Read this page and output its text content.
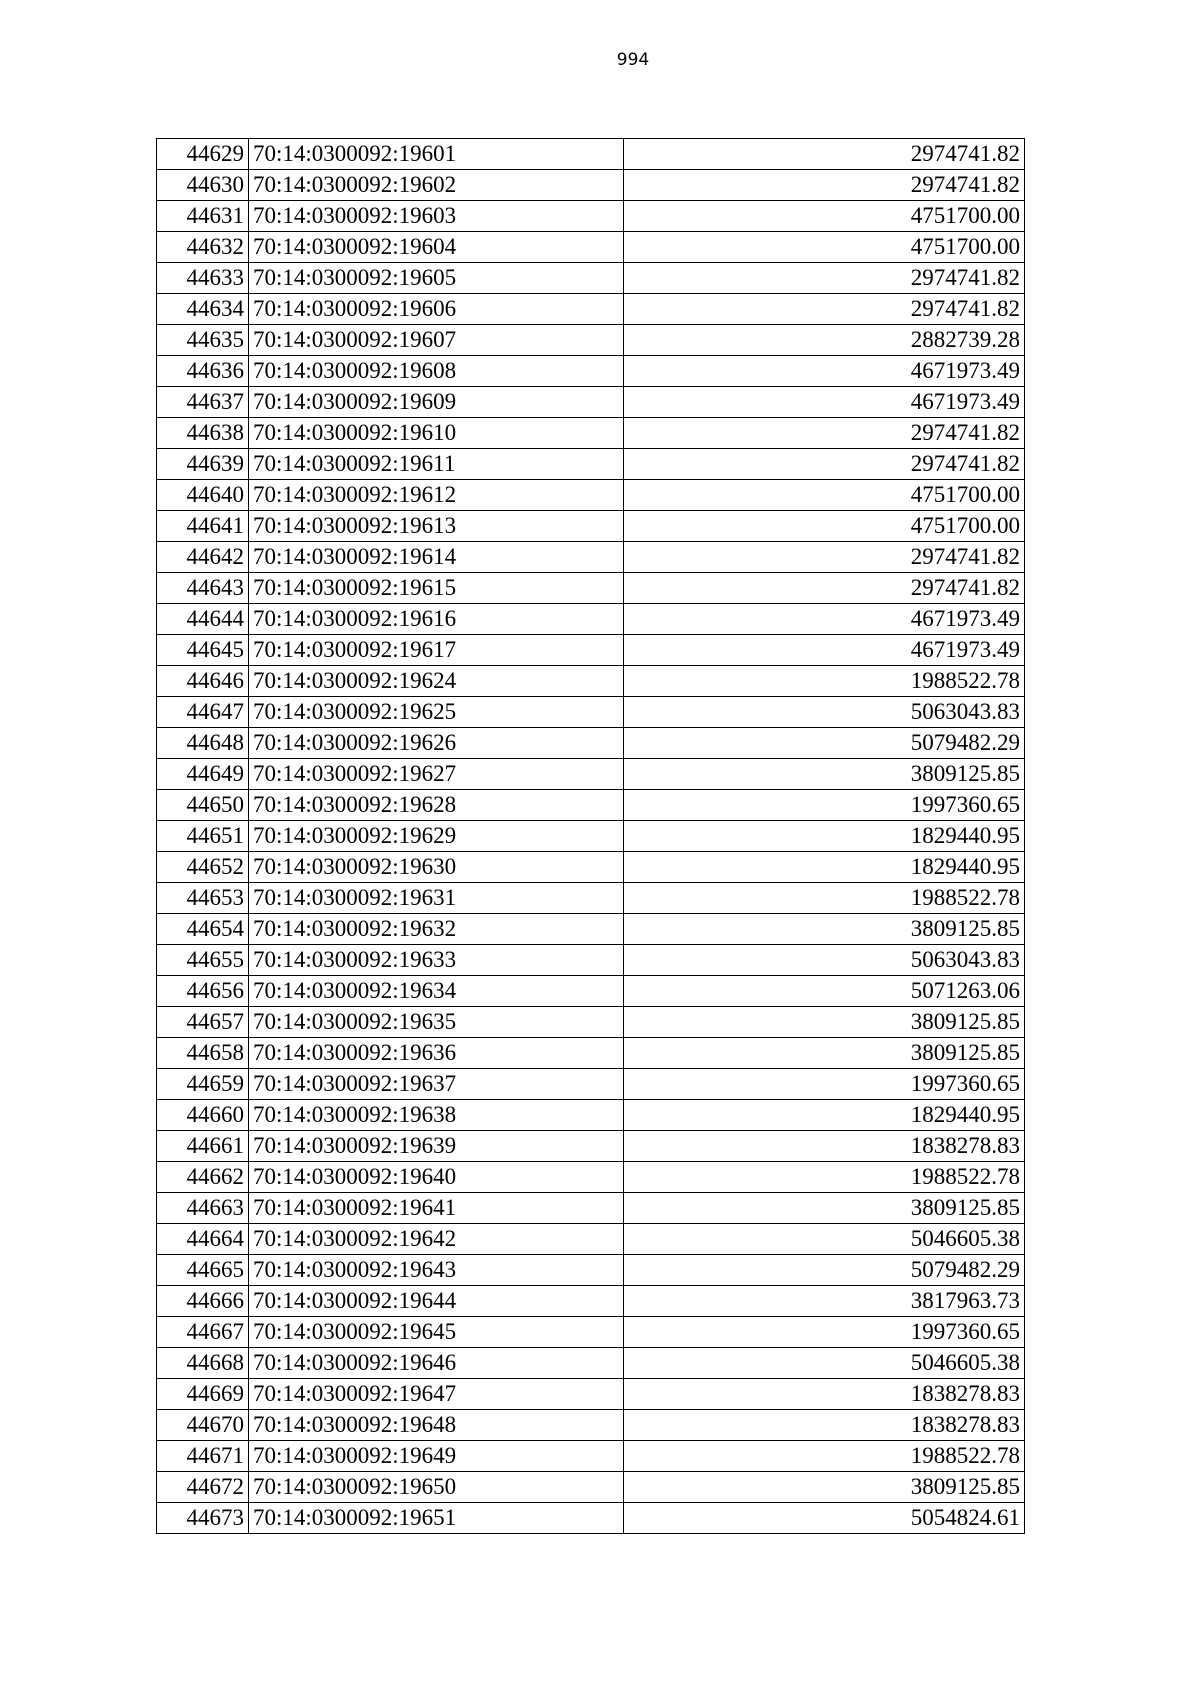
994
44629	70:14:0300092:19601	2974741.82
44630	70:14:0300092:19602	2974741.82
44631	70:14:0300092:19603	4751700.00
44632	70:14:0300092:19604	4751700.00
44633	70:14:0300092:19605	2974741.82
44634	70:14:0300092:19606	2974741.82
44635	70:14:0300092:19607	2882739.28
44636	70:14:0300092:19608	4671973.49
44637	70:14:0300092:19609	4671973.49
44638	70:14:0300092:19610	2974741.82
44639	70:14:0300092:19611	2974741.82
44640	70:14:0300092:19612	4751700.00
44641	70:14:0300092:19613	4751700.00
44642	70:14:0300092:19614	2974741.82
44643	70:14:0300092:19615	2974741.82
44644	70:14:0300092:19616	4671973.49
44645	70:14:0300092:19617	4671973.49
44646	70:14:0300092:19624	1988522.78
44647	70:14:0300092:19625	5063043.83
44648	70:14:0300092:19626	5079482.29
44649	70:14:0300092:19627	3809125.85
44650	70:14:0300092:19628	1997360.65
44651	70:14:0300092:19629	1829440.95
44652	70:14:0300092:19630	1829440.95
44653	70:14:0300092:19631	1988522.78
44654	70:14:0300092:19632	3809125.85
44655	70:14:0300092:19633	5063043.83
44656	70:14:0300092:19634	5071263.06
44657	70:14:0300092:19635	3809125.85
44658	70:14:0300092:19636	3809125.85
44659	70:14:0300092:19637	1997360.65
44660	70:14:0300092:19638	1829440.95
44661	70:14:0300092:19639	1838278.83
44662	70:14:0300092:19640	1988522.78
44663	70:14:0300092:19641	3809125.85
44664	70:14:0300092:19642	5046605.38
44665	70:14:0300092:19643	5079482.29
44666	70:14:0300092:19644	3817963.73
44667	70:14:0300092:19645	1997360.65
44668	70:14:0300092:19646	5046605.38
44669	70:14:0300092:19647	1838278.83
44670	70:14:0300092:19648	1838278.83
44671	70:14:0300092:19649	1988522.78
44672	70:14:0300092:19650	3809125.85
44673	70:14:0300092:19651	5054824.61
